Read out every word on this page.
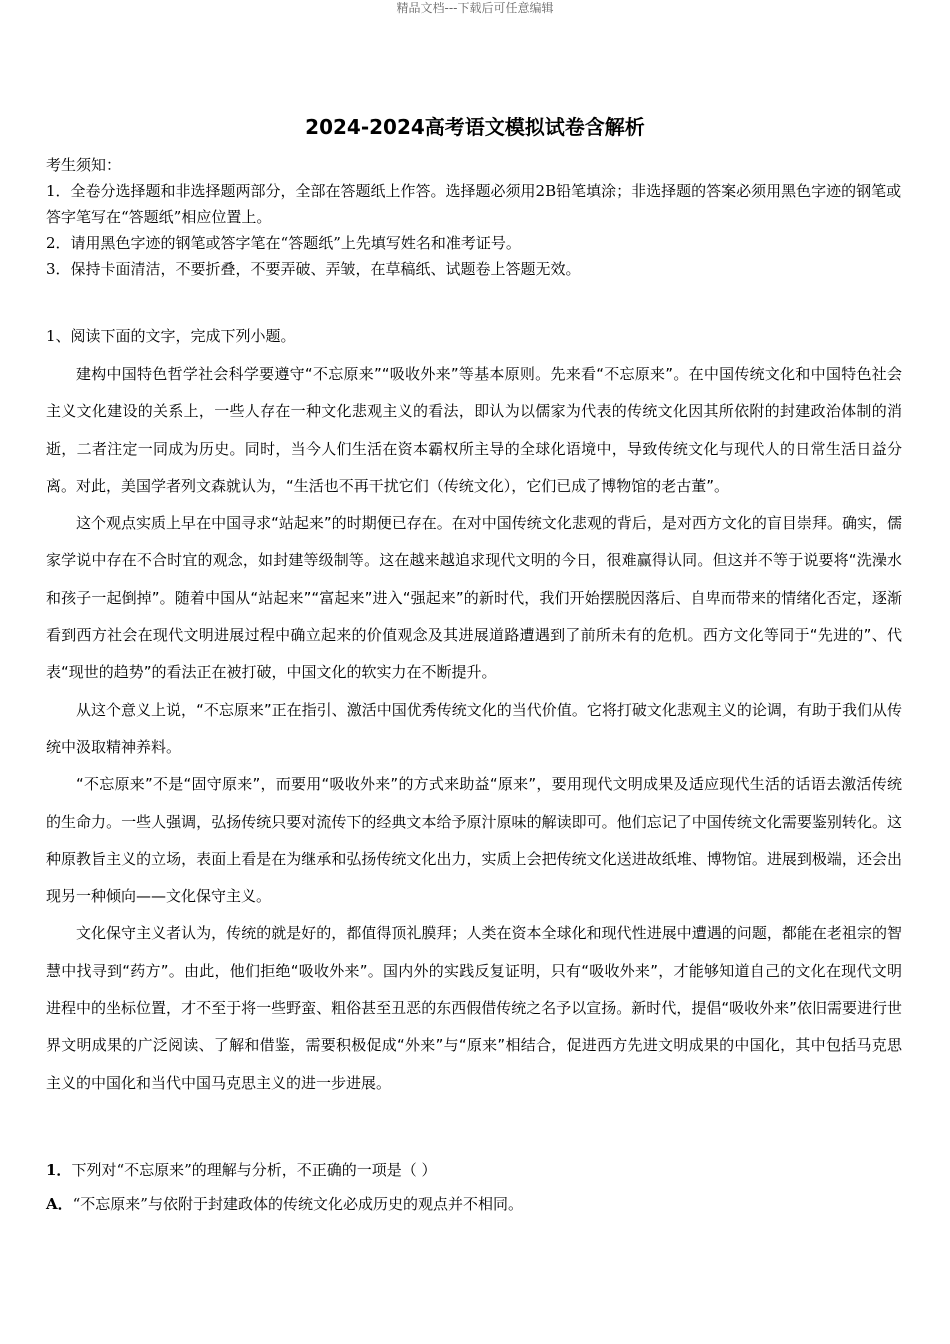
精品文档---下载后可任意编辑
2024-2024高考语文模拟试卷含解析

考生须知：

1．全卷分选择题和非选择题两部分，全部在答题纸上作答。选择题必须用2B铅笔填涂；非选择题的答案必须用黑色字迹的钢笔或答字笔写在“答题纸”相应位置上。

2．请用黑色字迹的钢笔或答字笔在“答题纸”上先填写姓名和准考证号。

3．保持卡面清洁，不要折叠，不要弄破、弄皱，在草稿纸、试题卷上答题无效。

1、阅读下面的文字，完成下列小题。

建构中国特色哲学社会科学要遵守“不忘原来”“吸收外来”等基本原则。先来看“不忘原来”。在中国传统文化和中国特色社会主义文化建设的关系上，一些人存在一种文化悲观主义的看法，即认为以儒家为代表的传统文化因其所依附的封建政治体制的消逝，二者注定一同成为历史。同时，当今人们生活在资本霸权所主导的全球化语境中，导致传统文化与现代人的日常生活日益分离。对此，美国学者列文森就认为，“生活也不再干扰它们（传统文化），它们已成了博物馆的老古董”。

这个观点实质上早在中国寻求“站起来”的时期便已存在。在对中国传统文化悲观的背后，是对西方文化的盲目崇拜。确实，儒家学说中存在不合时宜的观念，如封建等级制等。这在越来越追求现代文明的今日，很难赢得认同。但这并不等于说要将“洗澡水和孩子一起倒掉”。随着中国从“站起来”“富起来”进入“强起来”的新时代，我们开始摆脱因落后、自卑而带来的情绪化否定，逐渐看到西方社会在现代文明进展过程中确立起来的价值观念及其进展道路遭遇到了前所未有的危机。西方文化等同于“先进的”、代表“现世的趋势”的看法正在被打破，中国文化的软实力在不断提升。

从这个意义上说，“不忘原来”正在指引、激活中国优秀传统文化的当代价值。它将打破文化悲观主义的论调，有助于我们从传统中汲取精神养料。

“不忘原来”不是“固守原来”，而要用“吸收外来”的方式来助益“原来”，要用现代文明成果及适应现代生活的话语去激活传统的生命力。一些人强调，弘扬传统只要对流传下的经典文本给予原汁原味的解读即可。他们忘记了中国传统文化需要鉴别转化。这种原教旨主义的立场，表面上看是在为继承和弘扬传统文化出力，实质上会把传统文化送进故纸堆、博物馆。进展到极端，还会出现另一种倾向——文化保守主义。

文化保守主义者认为，传统的就是好的，都值得顶礼膜拜；人类在资本全球化和现代性进展中遭遇的问题，都能在老祖宗的智慧中找寻到“药方”。由此，他们拒绝“吸收外来”。国内外的实践反复证明，只有“吸收外来”，才能够知道自己的文化在现代文明进程中的坐标位置，才不至于将一些野蛮、粗俗甚至丑恶的东西假借传统之名予以宣扬。新时代，提倡“吸收外来”依旧需要进行世界文明成果的广泛阅读、了解和借鉴，需要积极促成“外来”与“原来”相结合，促进西方先进文明成果的中国化，其中包括马克思主义的中国化和当代中国马克思主义的进一步进展。

1．下列对“不忘原来”的理解与分析，不正确的一项是（ ）
A．“不忘原来”与依附于封建政体的传统文化必成历史的观点并不相同。
